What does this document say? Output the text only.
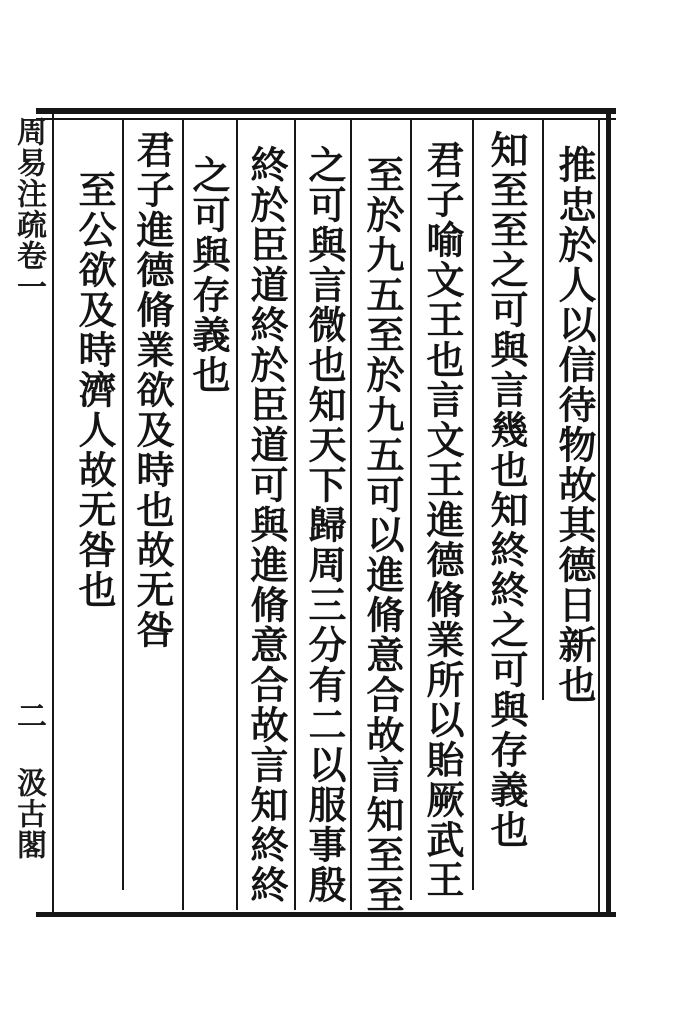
推忠於人以信待物故其德日新也
知至至之可與言幾也知終終之可與存義也
君子喻文王也言文王進德脩業所以貽厥武王
至於九五至於九五可以進脩意合故言知至至
之可與言微也知天下歸周三分有二以服事殷
終於臣道終於臣道可與進脩意合故言知終終
之可與存義也
君子進德脩業欲及時也故无咎
至公欲及時濟人故无咎也
周易注疏卷一
二 汲古閣
